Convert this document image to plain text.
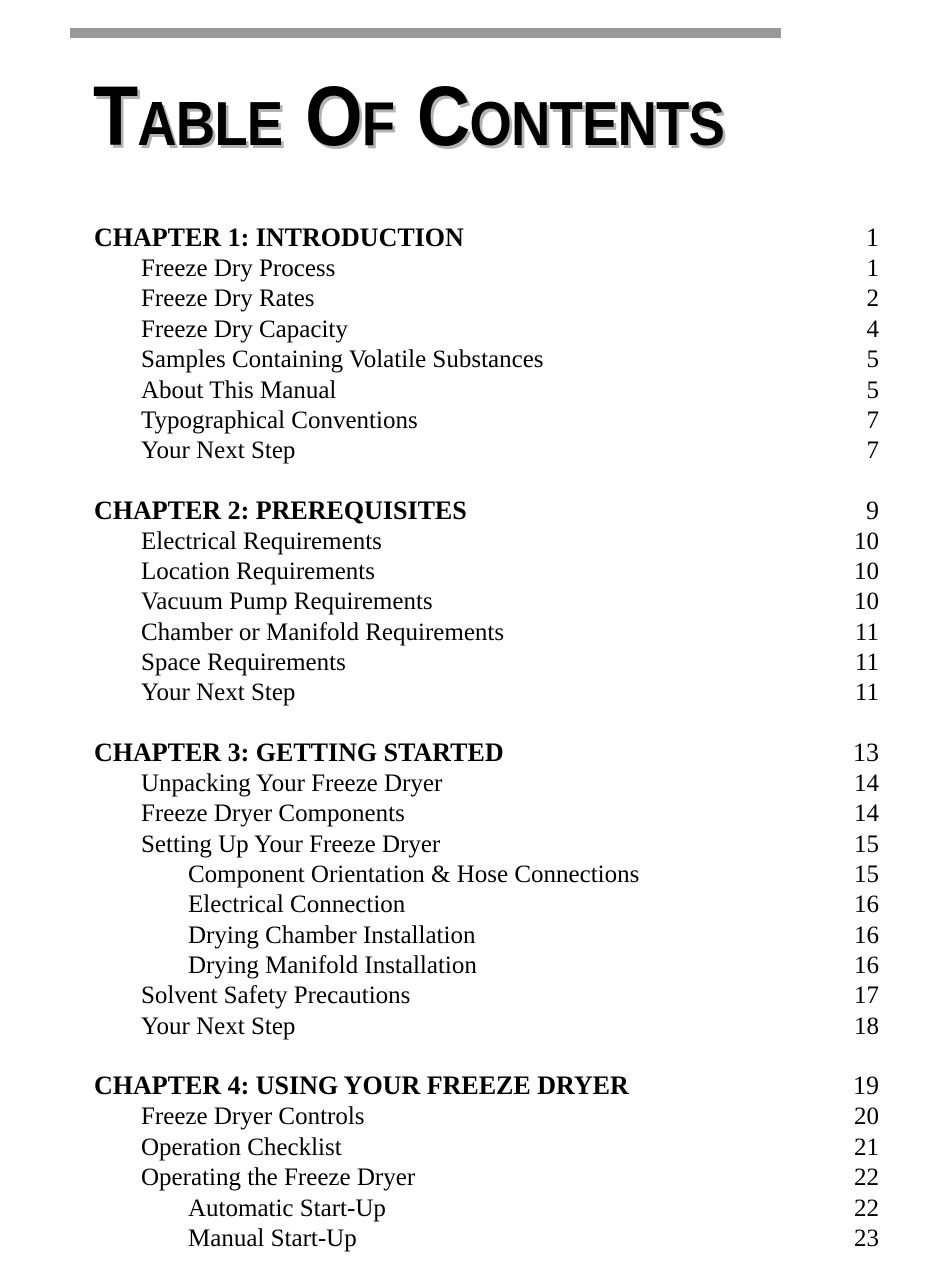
TABLE OF CONTENTS
CHAPTER 1: INTRODUCTION	1
Freeze Dry Process	1
Freeze Dry Rates	2
Freeze Dry Capacity	4
Samples Containing Volatile Substances	5
About This Manual	5
Typographical Conventions	7
Your Next Step	7
CHAPTER 2: PREREQUISITES	9
Electrical Requirements	10
Location Requirements	10
Vacuum Pump Requirements	10
Chamber or Manifold Requirements	11
Space Requirements	11
Your Next Step	11
CHAPTER 3: GETTING STARTED	13
Unpacking Your Freeze Dryer	14
Freeze Dryer Components	14
Setting Up Your Freeze Dryer	15
Component Orientation & Hose Connections	15
Electrical Connection	16
Drying Chamber Installation	16
Drying Manifold Installation	16
Solvent Safety Precautions	17
Your Next Step	18
CHAPTER 4: USING YOUR FREEZE DRYER	19
Freeze Dryer Controls	20
Operation Checklist	21
Operating the Freeze Dryer	22
Automatic Start-Up	22
Manual Start-Up	23
